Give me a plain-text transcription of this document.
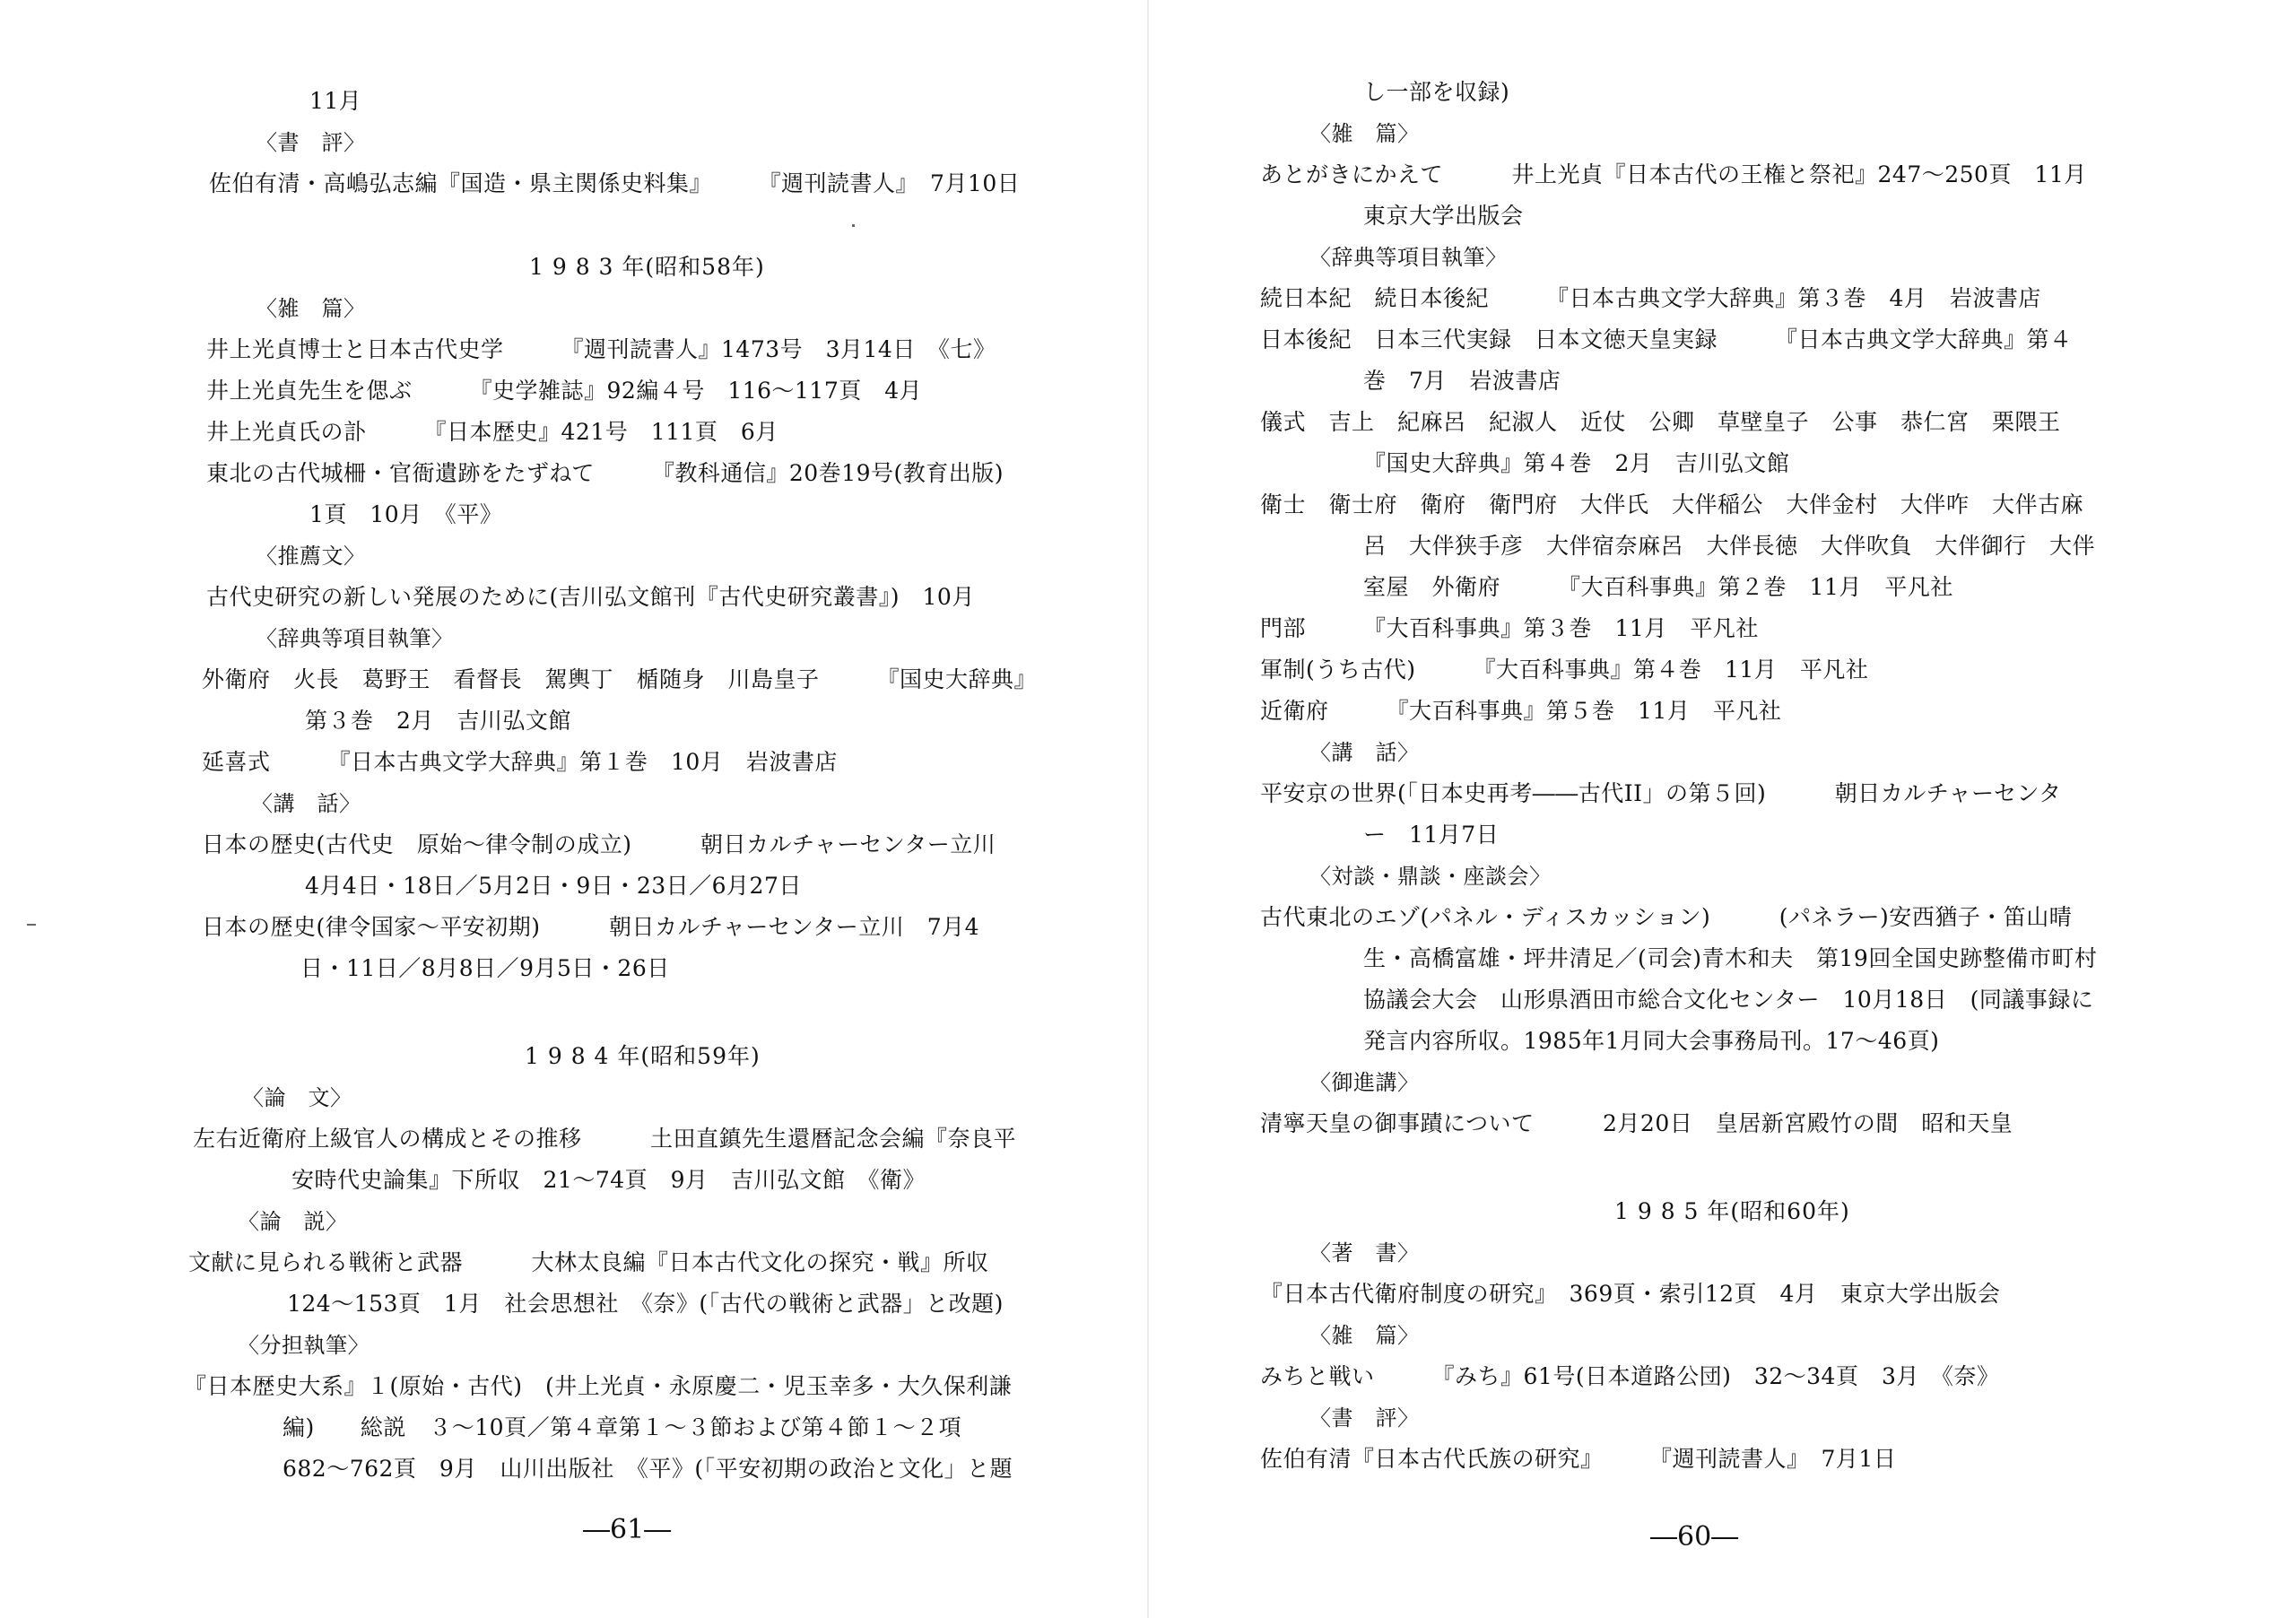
11月
〈書　評〉
佐伯有清・高嶋弘志編『国造・県主関係史料集』　　　『週刊読書人』　7月10日
1 9 8 3 年(昭和58年)
〈雑　篇〉
井上光貞博士と日本古代史学　　　『週刊読書人』1473号　3月14日　《七》
井上光貞先生を偲ぶ　　　『史学雑誌』92編４号　116～117頁　4月
井上光貞氏の訃　　　『日本歴史』421号　111頁　6月
東北の古代城柵・官衙遺跡をたずねて　　　『教科通信』20巻19号(教育出版)
1頁　10月　《平》
〈推薦文〉
古代史研究の新しい発展のために(吉川弘文館刊『古代史研究叢書』)　10月
〈辞典等項目執筆〉
外衛府　火長　葛野王　看督長　駕輿丁　楯随身　川島皇子　　　『国史大辞典』
第３巻　2月　吉川弘文館
延喜式　　　『日本古典文学大辞典』第１巻　10月　岩波書店
〈講　話〉
日本の歴史(古代史　原始～律令制の成立)　　　朝日カルチャーセンター立川
4月4日・18日／5月2日・9日・23日／6月27日
日本の歴史(律令国家～平安初期)　　　朝日カルチャーセンター立川　7月4
日・11日／8月8日／9月5日・26日
1 9 8 4 年(昭和59年)
〈論　文〉
左右近衛府上級官人の構成とその推移　　　土田直鎮先生還暦記念会編『奈良平
安時代史論集』下所収　21～74頁　9月　吉川弘文館　《衛》
〈論　説〉
文献に見られる戦術と武器　　　大林太良編『日本古代文化の探究・戦』所収
124～153頁　1月　社会思想社　《奈》(「古代の戦術と武器」と改題)
〈分担執筆〉
『日本歴史大系』１(原始・古代)　(井上光貞・永原慶二・児玉幸多・大久保利謙
編)　　総説　３～10頁／第４章第１～３節および第４節１～２項
682～762頁　9月　山川出版社　《平》(「平安初期の政治と文化」と題
―61―
し一部を収録)
〈雑　篇〉
あとがきにかえて　　　井上光貞『日本古代の王権と祭祀』247～250頁　11月
東京大学出版会
〈辞典等項目執筆〉
続日本紀　続日本後紀　　　『日本古典文学大辞典』第３巻　4月　岩波書店
日本後紀　日本三代実録　日本文徳天皇実録　　　『日本古典文学大辞典』第４
巻　7月　岩波書店
儀式　吉上　紀麻呂　紀淑人　近仗　公卿　草壁皇子　公事　恭仁宮　栗隈王
『国史大辞典』第４巻　2月　吉川弘文館
衛士　衛士府　衛府　衛門府　大伴氏　大伴稲公　大伴金村　大伴咋　大伴古麻
呂　大伴狭手彦　大伴宿奈麻呂　大伴長徳　大伴吹負　大伴御行　大伴
室屋　外衛府　　　『大百科事典』第２巻　11月　平凡社
門部　　　『大百科事典』第３巻　11月　平凡社
軍制(うち古代)　　　『大百科事典』第４巻　11月　平凡社
近衛府　　　『大百科事典』第５巻　11月　平凡社
〈講　話〉
平安京の世界(「日本史再考――古代II」の第５回)　　　朝日カルチャーセンタ
ー　11月7日
〈対談・鼎談・座談会〉
古代東北のエゾ(パネル・ディスカッション)　　　(パネラー)安西猶子・笛山晴
生・高橋富雄・坪井清足／(司会)青木和夫　第19回全国史跡整備市町村
協議会大会　山形県酒田市総合文化センター　10月18日　(同議事録に
発言内容所収。1985年1月同大会事務局刊。17～46頁)
〈御進講〉
清寧天皇の御事蹟について　　　2月20日　皇居新宮殿竹の間　昭和天皇
1 9 8 5 年(昭和60年)
〈著　書〉
『日本古代衛府制度の研究』　369頁・索引12頁　4月　東京大学出版会
〈雑　篇〉
みちと戦い　　　『みち』61号(日本道路公団)　32～34頁　3月　《奈》
〈書　評〉
佐伯有清『日本古代氏族の研究』　　　『週刊読書人』　7月1日
―60―
